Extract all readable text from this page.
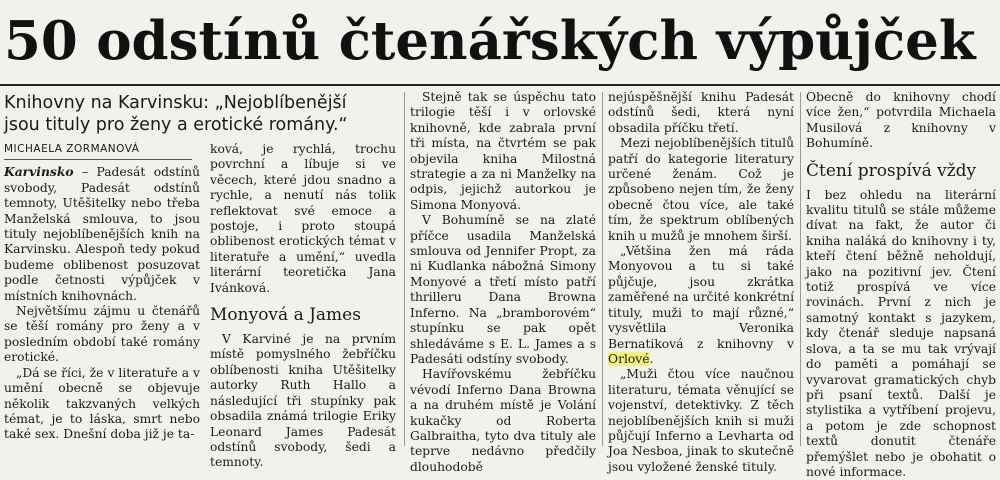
50 odstínů čtenářských výpůjček
Knihovny na Karvinsku: „Nejoblíbenější jsou tituly pro ženy a erotické romány.“
MICHAELA ZORMANOVÁ

Karvinsko – Padesát odstínů svobody, Padesát odstínů temnoty, Utěšitelky nebo třeba Manželská smlouva, to jsou tituly nejoblíbenějších knih na Karvinsku. Alespoň tedy pokud budeme oblibenost posuzovat podle četnosti výpůjček v místních knihovnách.

Největšímu zájmu u čtenářů se těší romány pro ženy a v posledním období také romány erotické.

„Dá se říci, že v literatuře a v umění obecně se objevuje několik takzvaných velkých témat, je to láska, smrt nebo také sex. Dnešní doba již je ta-

ková, je rychlá, trochu povrchní a líbuje si ve věcech, které jdou snadno a rychle, a nenutí nás tolik reflektovat své emoce a postoje, i proto stoupá oblibenost erotických témat v literatuře a umění,“ uvedla literární teoretička Jana Ivánková.

Monyová a James

V Karviné je na prvním místě pomyslného žebříčku oblíbenosti kniha Utěšitelky autorky Ruth Hallo a následující tři stupínky pak obsadila známá trilogie Eriky Leonard James Padesát odstínů svobody, šedi a temnoty.

Stejně tak se úspěchu tato trilogie těší i v orlovské knihovně, kde zabrala první tři místa, na čtvrtém se pak objevila kniha Milostná strategie a za ni Manželky na odpis, jejichž autorkou je Simona Monyová.

V Bohumíně se na zlaté příčce usadila Manželská smlouva od Jennifer Propt, za ni Kudlanka nábožná Simony Monyové a třetí místo patří thrilleru Dana Browna Inferno. Na „bramborovém“ stupínku se pak opět shledáváme s E. L. James a s Padesáti odstíny svobody.

Havířovskému žebříčku vévodí Inferno Dana Browna a na druhém místě je Volání kukačky od Roberta Galbraitha, tyto dva tituly ale teprve nedávno předčily dlouhodobě

nejúspěšnější knihu Padesát odstínů šedi, která nyní obsadila příčku třetí.

Mezi nejoblíbenějších titulů patří do kategorie literatury určené ženám. Což je způsobeno nejen tím, že ženy obecně čtou více, ale také tím, že spektrum oblíbených knih u mužů je mnohem širší.

„Většina žen má ráda Monyovou a tu si také půjčuje, jsou zkrátka zaměřené na určité konkrétní tituly, muži to mají různé,“ vysvětlila Veronika Bernatiková z knihovny v Orlové.

„Muži čtou více naučnou literaturu, témata věnující se vojenství, detektivky. Z těch nejoblíbenějších knih si muži půjčují Inferno a Levharta od Joa Nesboa, jinak to skutečně jsou vyložené ženské tituly.

Obecně do knihovny chodí více žen,“ potvrdila Michaela Musilová z knihovny v Bohumíně.

Čtení prospívá vždy

I bez ohledu na literární kvalitu titulů se stále můžeme dívat na fakt, že autor či kniha naláká do knihovny i ty, kteří čtení běžně neholdují, jako na pozitivní jev. Čtení totiž prospívá ve více rovinách. První z nich je samotný kontakt s jazykem, kdy čtenář sleduje napsaná slova, a ta se mu tak vrývají do paměti a pomáhají se vyvarovat gramatických chyb při psaní textů. Další je stylistika a vytříbení projevu, a potom je zde schopnost textů donutit čtenáře přemýšlet nebo je obohatit o nové informace.
